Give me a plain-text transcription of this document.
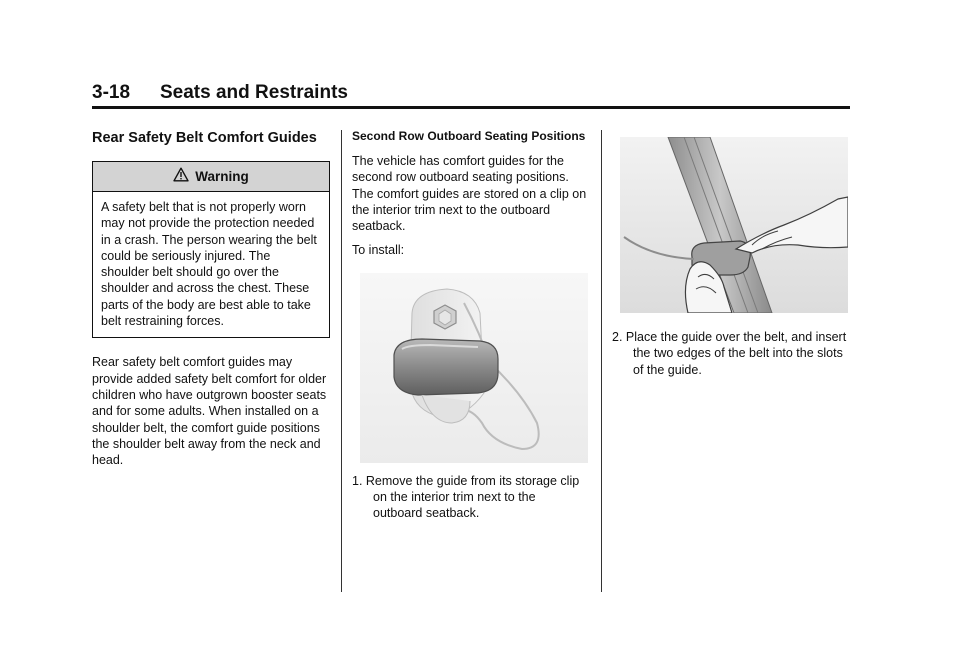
3-18 Seats and Restraints
Rear Safety Belt Comfort Guides
Warning
A safety belt that is not properly worn may not provide the protection needed in a crash. The person wearing the belt could be seriously injured. The shoulder belt should go over the shoulder and across the chest. These parts of the body are best able to take belt restraining forces.

Rear safety belt comfort guides may provide added safety belt comfort for older children who have outgrown booster seats and for some adults. When installed on a shoulder belt, the comfort guide positions the shoulder belt away from the neck and head.

Second Row Outboard Seating Positions

The vehicle has comfort guides for the second row outboard seating positions. The comfort guides are stored on a clip on the interior trim next to the outboard seatback.

To install:

1. Remove the guide from its storage clip on the interior trim next to the outboard seatback.

2. Place the guide over the belt, and insert the two edges of the belt into the slots of the guide.
